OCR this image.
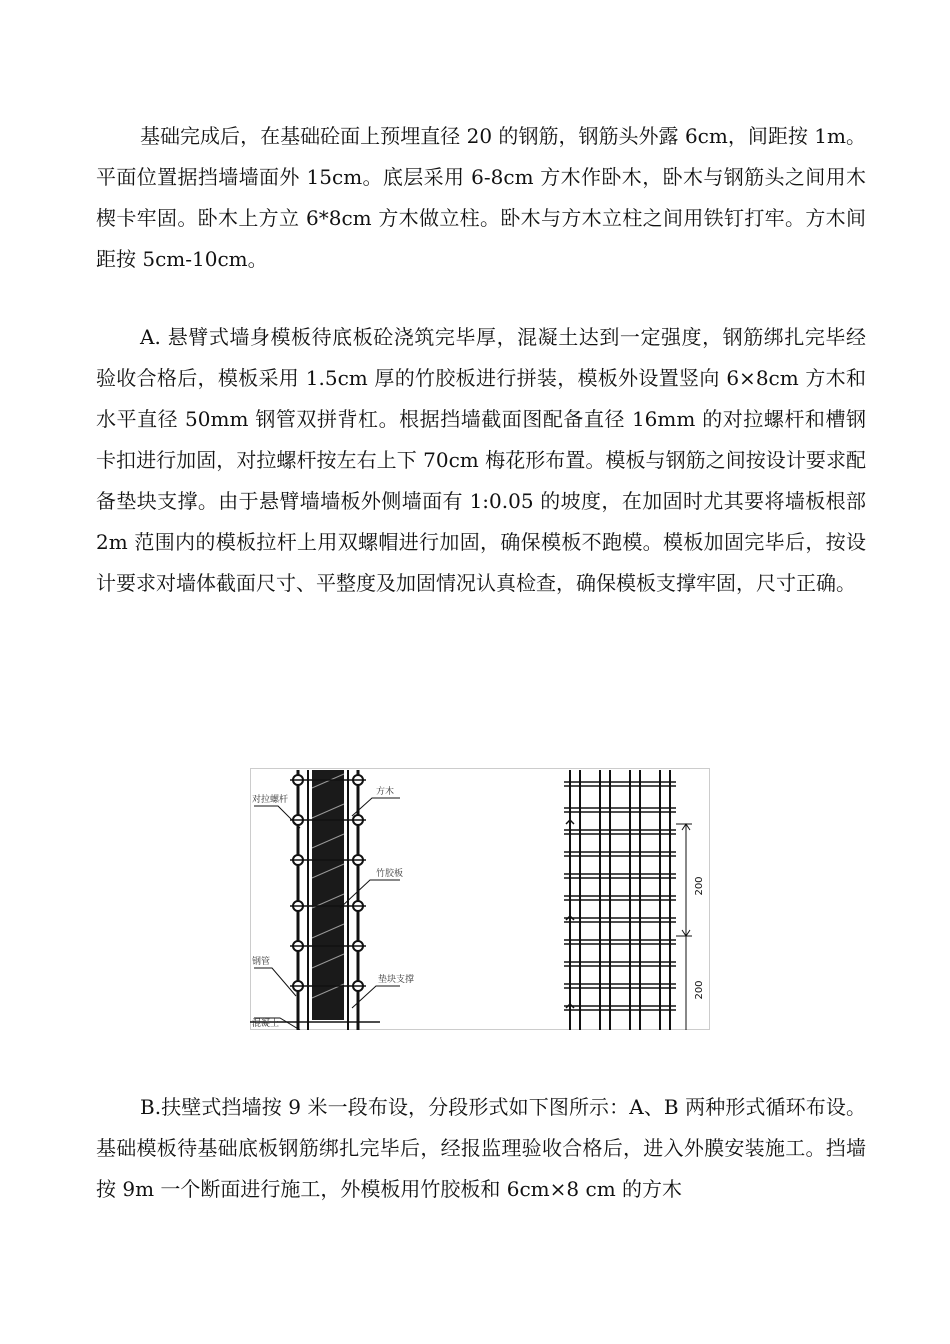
基础完成后，在基础砼面上预埋直径 20 的钢筋，钢筋头外露 6cm，间距按 1m。平面位置据挡墙墙面外 15cm。底层采用 6-8cm 方木作卧木，卧木与钢筋头之间用木楔卡牢固。卧木上方立 6*8cm 方木做立柱。卧木与方木立柱之间用铁钉打牢。方木间距按 5cm-10cm。

A. 悬臂式墙身模板待底板砼浇筑完毕厚，混凝土达到一定强度，钢筋绑扎完毕经验收合格后，模板采用 1.5cm 厚的竹胶板进行拼装，模板外设置竖向 6×8cm 方木和水平直径 50mm 钢管双拼背杠。根据挡墙截面图配备直径 16mm 的对拉螺杆和槽钢卡扣进行加固，对拉螺杆按左右上下 70cm 梅花形布置。模板与钢筋之间按设计要求配备垫块支撑。由于悬臂墙墙板外侧墙面有 1:0.05 的坡度，在加固时尤其要将墙板根部 2m 范围内的模板拉杆上用双螺帽进行加固，确保模板不跑模。模板加固完毕后，按设计要求对墙体截面尺寸、平整度及加固情况认真检查，确保模板支撑牢固，尺寸正确。

对拉螺杆
方木
竹胶板
钢管
垫块支撑
混凝土
200
200

B.扶壁式挡墙按 9 米一段布设，分段形式如下图所示：A、B 两种形式循环布设。基础模板待基础底板钢筋绑扎完毕后，经报监理验收合格后，进入外膜安装施工。挡墙按 9m 一个断面进行施工，外模板用竹胶板和 6cm×8 cm 的方木
